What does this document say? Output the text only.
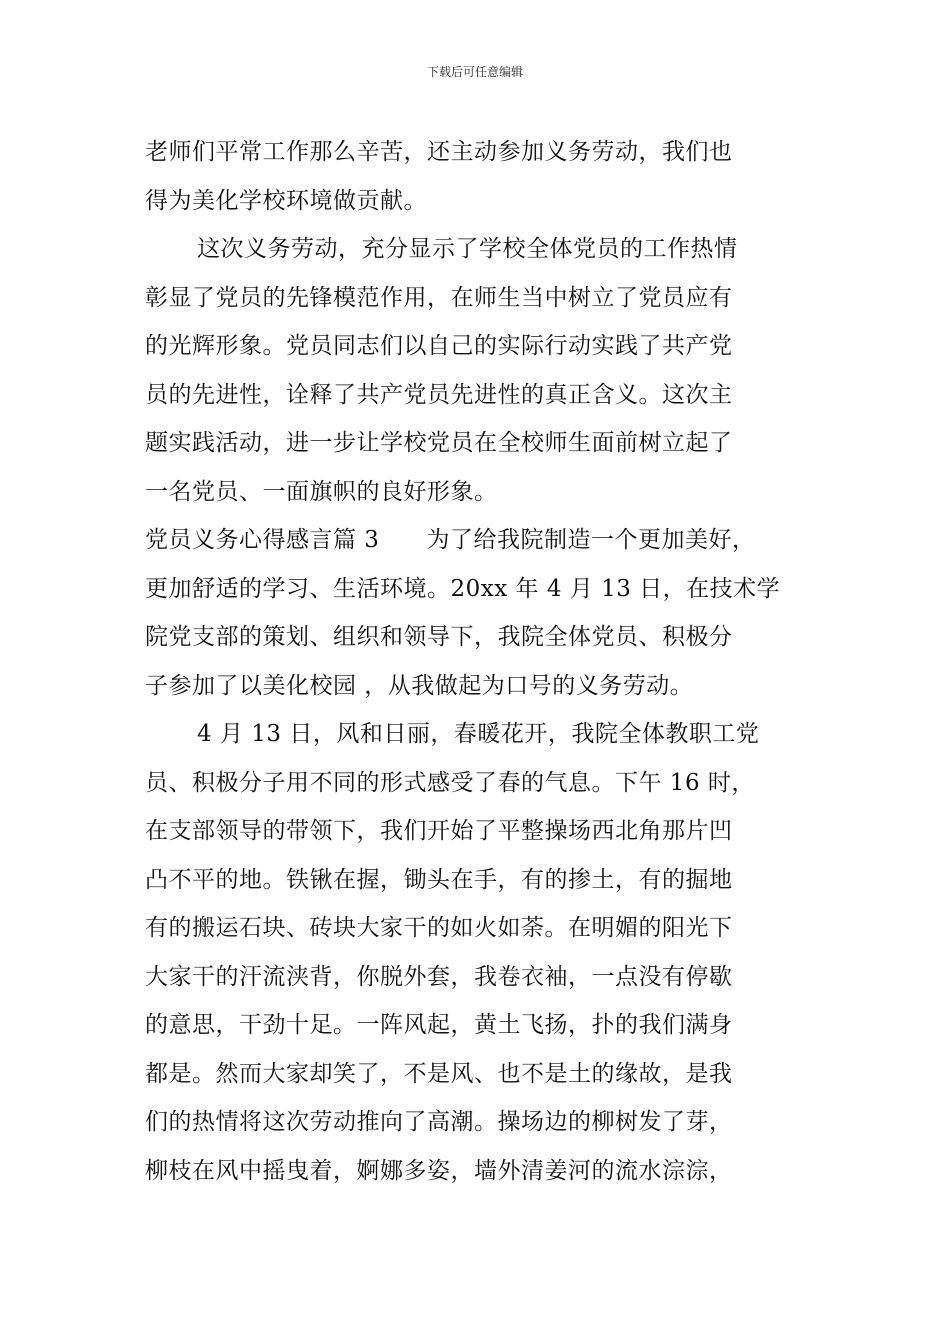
下载后可任意编辑
老师们平常工作那么辛苦，还主动参加义务劳动，我们也
得为美化学校环境做贡献。
这次义务劳动，充分显示了学校全体党员的工作热情
彰显了党员的先锋模范作用，在师生当中树立了党员应有
的光辉形象。党员同志们以自己的实际行动实践了共产党
员的先进性，诠释了共产党员先进性的真正含义。这次主
题实践活动，进一步让学校党员在全校师生面前树立起了
一名党员、一面旗帜的良好形象。
党员义务心得感言篇 3　　为了给我院制造一个更加美好，
更加舒适的学习、生活环境。20xx 年 4 月 13 日，在技术学
院党支部的策划、组织和领导下，我院全体党员、积极分
子参加了以美化校园 ，从我做起为口号的义务劳动。
4 月 13 日，风和日丽，春暖花开，我院全体教职工党
员、积极分子用不同的形式感受了春的气息。下午 16 时，
在支部领导的带领下，我们开始了平整操场西北角那片凹
凸不平的地。铁锹在握，锄头在手，有的掺土，有的掘地
有的搬运石块、砖块大家干的如火如荼。在明媚的阳光下
大家干的汗流浃背，你脱外套，我卷衣袖，一点没有停歇
的意思，干劲十足。一阵风起，黄土飞扬，扑的我们满身
都是。然而大家却笑了，不是风、也不是土的缘故，是我
们的热情将这次劳动推向了高潮。操场边的柳树发了芽，
柳枝在风中摇曳着，婀娜多姿，墙外清姜河的流水淙淙，
